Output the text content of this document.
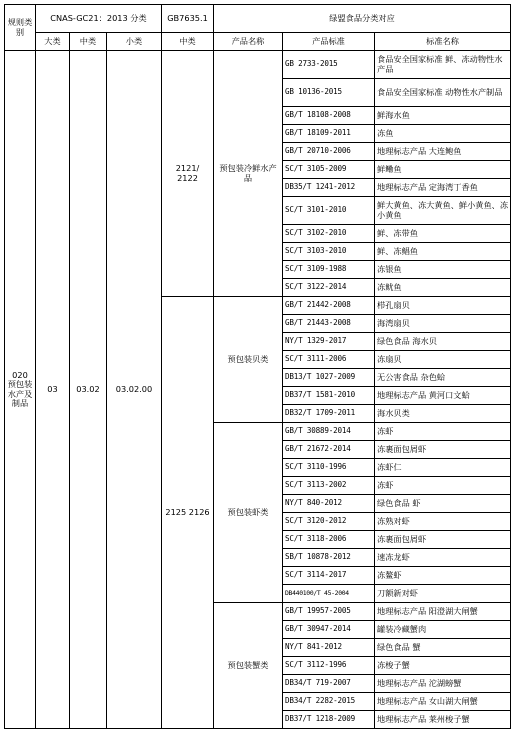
规则类别	CNAS-GC21：2013 分类			GB7635.1	绿盟食品分类对应		
	大类	中类	小类	中类	产品名称	产品标准	标准名称
020 预包装水产及制品	03	03.02	03.02.00	2121/ 2122	预包装冷鲜水产品	GB 2733-2015	食品安全国家标准 鲜、冻动物性水产品
						GB 10136-2015	食品安全国家标准 动物性水产制品
						GB/T 18108-2008	鲜海水鱼
						GB/T 18109-2011	冻鱼
						GB/T 20710-2006	地理标志产品 大连鲍鱼
						SC/T 3105-2009	鲜鳓鱼
						DB35/T 1241-2012	地理标志产品 定海湾丁香鱼
						SC/T 3101-2010	鲜大黄鱼、冻大黄鱼、鲜小黄鱼、冻小黄鱼
						SC/T 3102-2010	鲜、冻带鱼
						SC/T 3103-2010	鲜、冻鲳鱼
						SC/T 3109-1988	冻银鱼
						SC/T 3122-2014	冻鱿鱼
				2125 2126	预包装贝类	GB/T 21442-2008	栉孔扇贝
						GB/T 21443-2008	海湾扇贝
						NY/T 1329-2017	绿色食品 海水贝
						SC/T 3111-2006	冻扇贝
						DB13/T 1027-2009	无公害食品 杂色蛤
						DB37/T 1581-2010	地理标志产品 黄河口文蛤
						DB32/T 1709-2011	海水贝类
					预包装虾类	GB/T 30889-2014	冻虾
						GB/T 21672-2014	冻裹面包屑虾
						SC/T 3110-1996	冻虾仁
						SC/T 3113-2002	冻虾
						NY/T 840-2012	绿色食品 虾
						SC/T 3120-2012	冻熟对虾
						SC/T 3118-2006	冻裹面包屑虾
						SB/T 10878-2012	速冻龙虾
						SC/T 3114-2017	冻鳌虾
						DB440100/T 45-2004	刀额新对虾
					预包装蟹类	GB/T 19957-2005	地理标志产品 阳澄湖大闸蟹
						GB/T 30947-2014	罐装冷藏蟹肉
						NY/T 841-2012	绿色食品 蟹
						SC/T 3112-1996	冻梭子蟹
						DB34/T 719-2007	地理标志产品 沱湖螃蟹
						DB34/T 2282-2015	地理标志产品 女山湖大闸蟹
						DB37/T 1218-2009	地理标志产品 莱州梭子蟹
